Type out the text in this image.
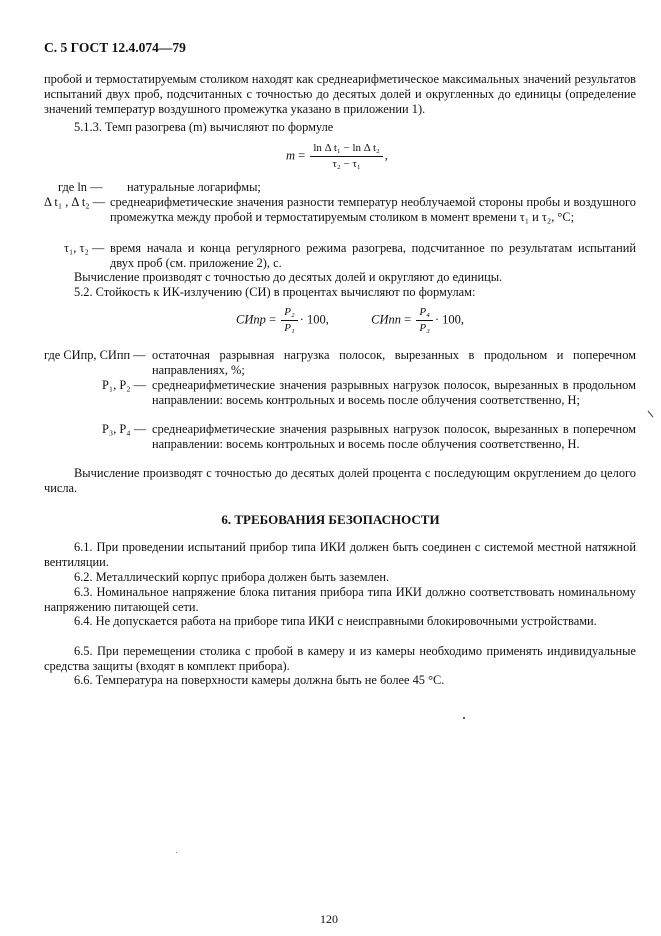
С. 5 ГОСТ 12.4.074—79
пробой и термостатируемым столиком находят как среднеарифметическое максимальных значений результатов испытаний двух проб, подсчитанных с точностью до десятых долей и округленных до единицы (определение значений температур воздушного промежутка указано в приложении 1).
5.1.3. Темп разогрева (m) вычисляют по формуле
$m = \frac{\text{ln Δ t₁ − ln Δ t₂}}{\text{τ₂ − τ₁}}$ ,
где ln — натуральные логарифмы;
Δ t₁ , Δ t₂ — среднеарифметические значения разности температур необлучаемой стороны пробы и воздушного промежутка между пробой и термостатируемым столиком в момент времени τ₁ и τ₂, °С;
τ₁, τ₂ — время начала и конца регулярного режима разогрева, подсчитанное по результатам испытаний двух проб (см. приложение 2), с.
Вычисление производят с точностью до десятых долей и округляют до единицы.
5.2. Стойкость к ИК-излучению (СИ) в процентах вычисляют по формулам:
СИпр = $\frac{\text{P₂}}{\text{P₁}} \cdot 100$,	СИпп = $\frac{\text{P₄}}{\text{P₃}} \cdot 100$,
где СИпр, СИпп — остаточная разрывная нагрузка полосок, вырезанных в продольном и поперечном направлениях, %;
P₁, P₂ — среднеарифметические значения разрывных нагрузок полосок, вырезанных в продольном направлении: восемь контрольных и восемь после облучения соответственно, Н;
P₃, P₄ — среднеарифметические значения разрывных нагрузок полосок, вырезанных в поперечном направлении: восемь контрольных и восемь после облучения соответственно, Н.
Вычисление производят с точностью до десятых долей процента с последующим округлением до целого числа.
6. ТРЕБОВАНИЯ БЕЗОПАСНОСТИ
6.1. При проведении испытаний прибор типа ИКИ должен быть соединен с системой местной натяжной вентиляции.
6.2. Металлический корпус прибора должен быть заземлен.
6.3. Номинальное напряжение блока питания прибора типа ИКИ должно соответствовать номинальному напряжению питающей сети.
6.4. Не допускается работа на приборе типа ИКИ с неисправными блокировочными устройствами.
6.5. При перемещении столика с пробой в камеру и из камеры необходимо применять индивидуальные средства защиты (входят в комплект прибора).
6.6. Температура на поверхности камеры должна быть не более 45 °С.
120
